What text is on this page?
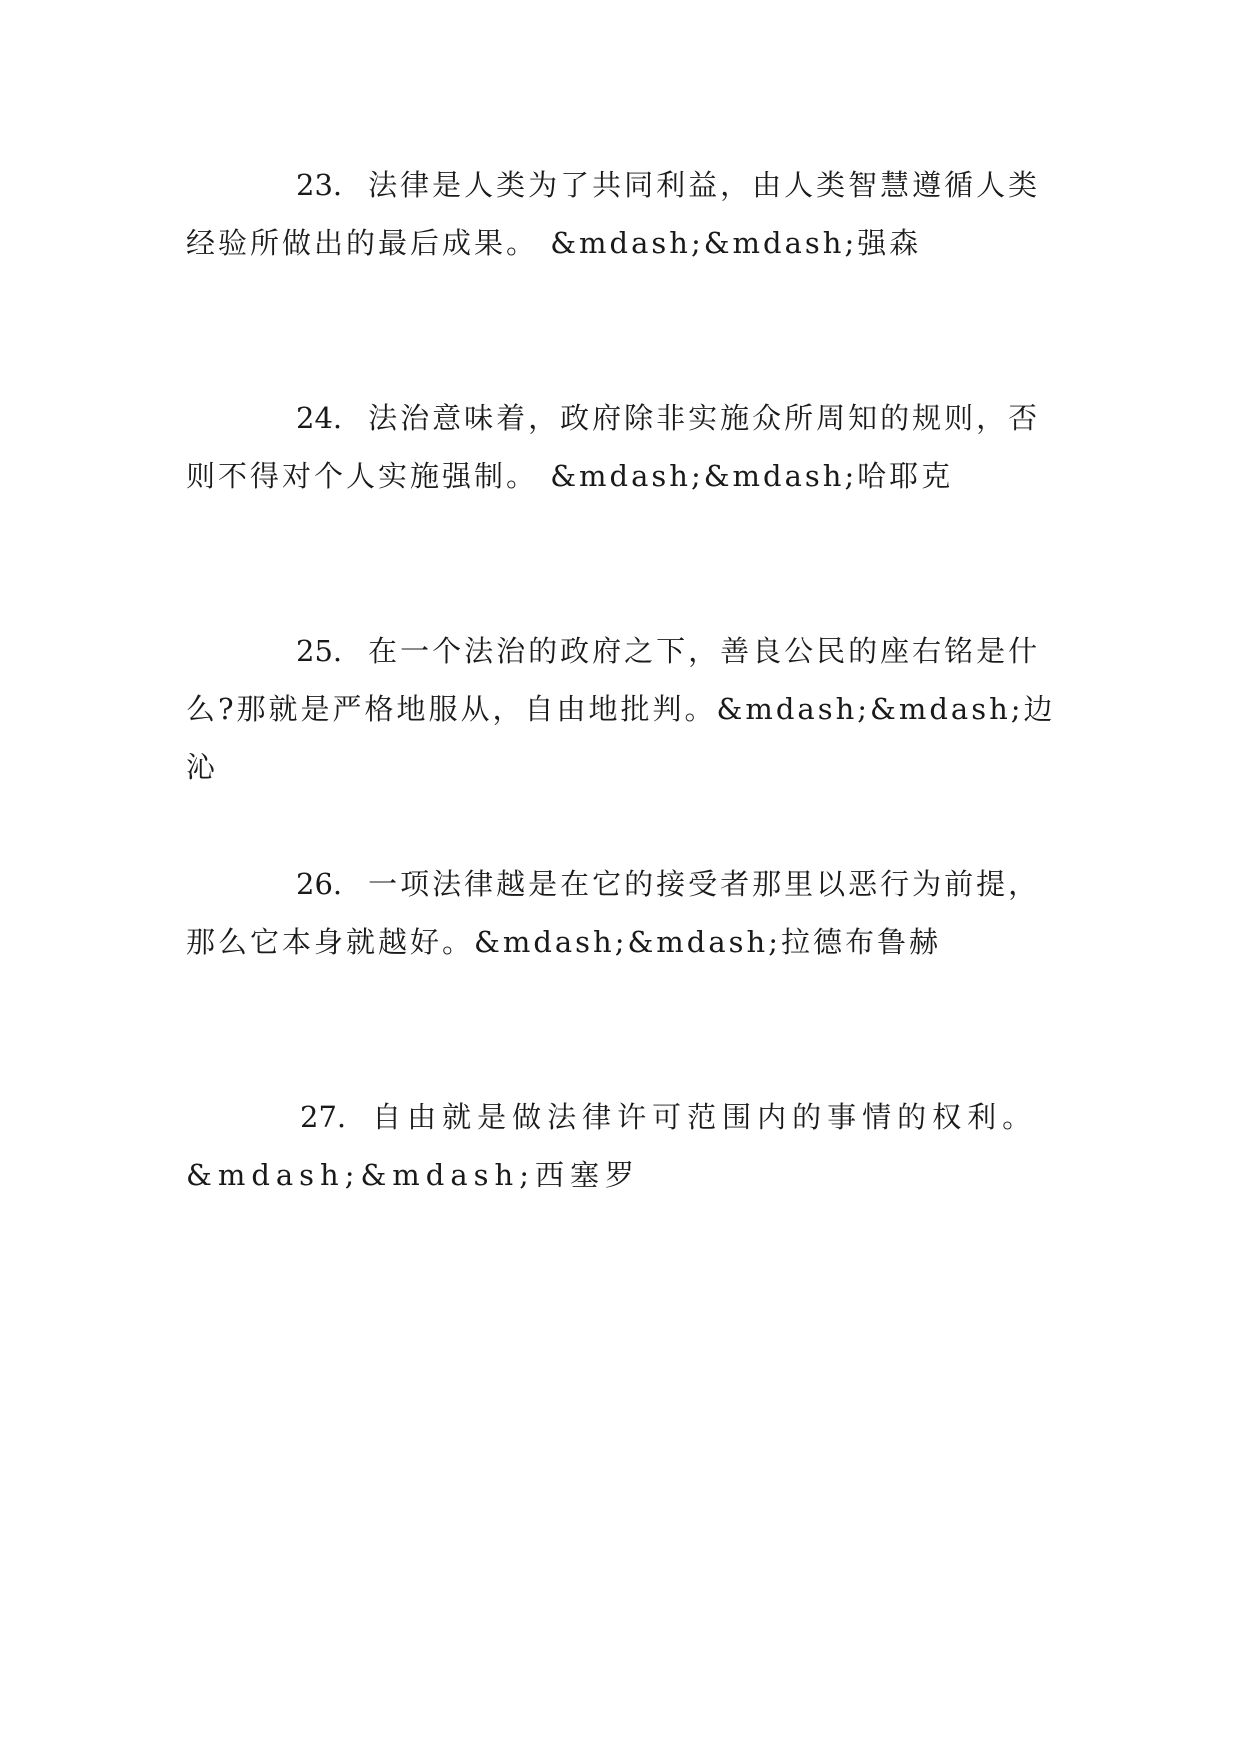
23. 法律是人类为了共同利益，由人类智慧遵循人类经验所做出的最后成果。 &mdash;&mdash;强森

24. 法治意味着，政府除非实施众所周知的规则，否则不得对个人实施强制。 &mdash;&mdash;哈耶克

25. 在一个法治的政府之下，善良公民的座右铭是什么?那就是严格地服从，自由地批判。&mdash;&mdash;边沁

26. 一项法律越是在它的接受者那里以恶行为前提，那么它本身就越好。&mdash;&mdash;拉德布鲁赫

27. 自由就是做法律许可范围内的事情的权利。 &mdash;&mdash;西塞罗
